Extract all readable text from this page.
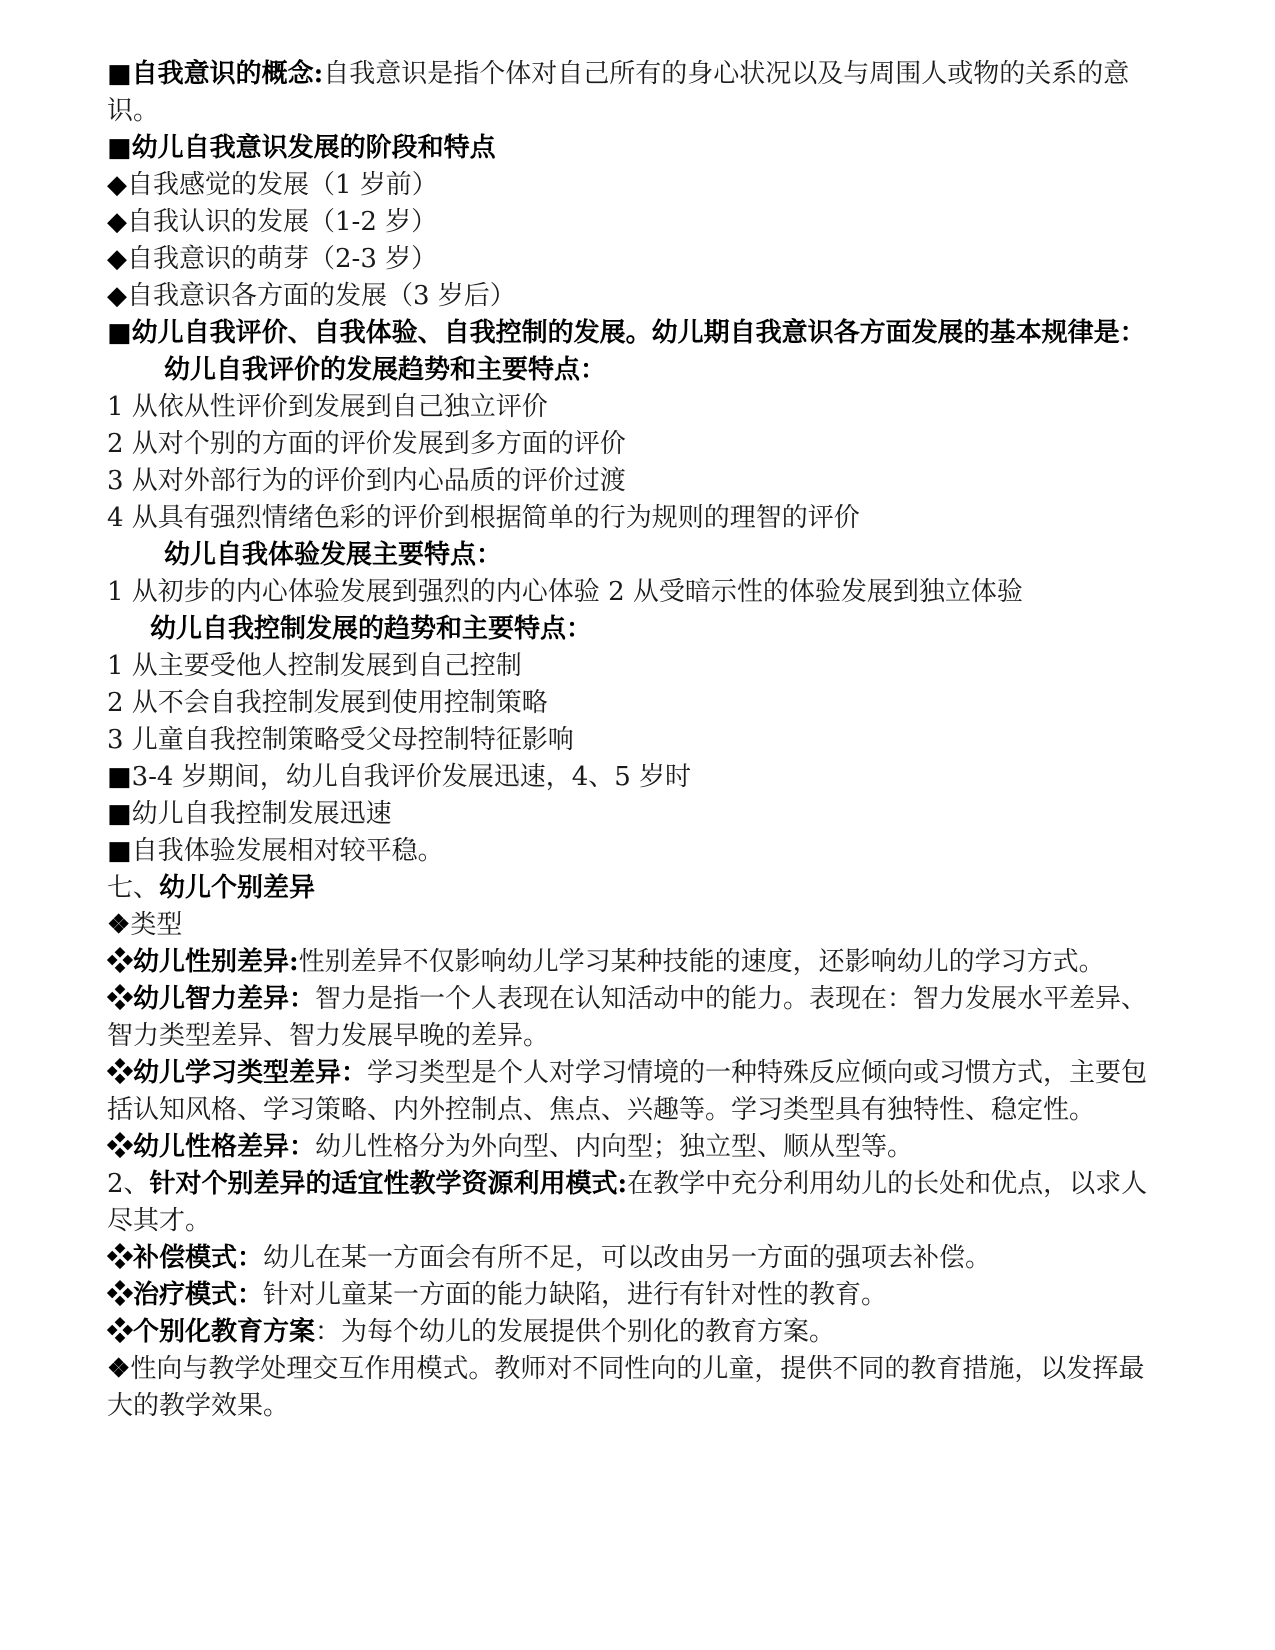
■自我意识的概念:自我意识是指个体对自己所有的身心状况以及与周围人或物的关系的意识。

■幼儿自我意识发展的阶段和特点

◆自我感觉的发展（1 岁前）

◆自我认识的发展（1-2 岁）

◆自我意识的萌芽（2-3 岁）

◆自我意识各方面的发展（3 岁后）

■幼儿自我评价、自我体验、自我控制的发展。幼儿期自我意识各方面发展的基本规律是：

幼儿自我评价的发展趋势和主要特点：

1 从依从性评价到发展到自己独立评价

2 从对个别的方面的评价发展到多方面的评价

3 从对外部行为的评价到内心品质的评价过渡

4 从具有强烈情绪色彩的评价到根据简单的行为规则的理智的评价

幼儿自我体验发展主要特点：

1 从初步的内心体验发展到强烈的内心体验 2 从受暗示性的体验发展到独立体验

幼儿自我控制发展的趋势和主要特点：

1 从主要受他人控制发展到自己控制

2 从不会自我控制发展到使用控制策略

3 儿童自我控制策略受父母控制特征影响

■3-4 岁期间，幼儿自我评价发展迅速，4、5 岁时

■幼儿自我控制发展迅速

■自我体验发展相对较平稳。

七、幼儿个别差异

❖类型

❖幼儿性别差异:性别差异不仅影响幼儿学习某种技能的速度，还影响幼儿的学习方式。

❖幼儿智力差异：智力是指一个人表现在认知活动中的能力。表现在：智力发展水平差异、智力类型差异、智力发展早晚的差异。

❖幼儿学习类型差异：学习类型是个人对学习情境的一种特殊反应倾向或习惯方式，主要包括认知风格、学习策略、内外控制点、焦点、兴趣等。学习类型具有独特性、稳定性。

❖幼儿性格差异：幼儿性格分为外向型、内向型；独立型、顺从型等。

2、针对个别差异的适宜性教学资源利用模式:在教学中充分利用幼儿的长处和优点，以求人尽其才。

❖补偿模式：幼儿在某一方面会有所不足，可以改由另一方面的强项去补偿。

❖治疗模式：针对儿童某一方面的能力缺陷，进行有针对性的教育。

❖个别化教育方案：为每个幼儿的发展提供个别化的教育方案。

❖性向与教学处理交互作用模式。教师对不同性向的儿童，提供不同的教育措施，以发挥最大的教学效果。
